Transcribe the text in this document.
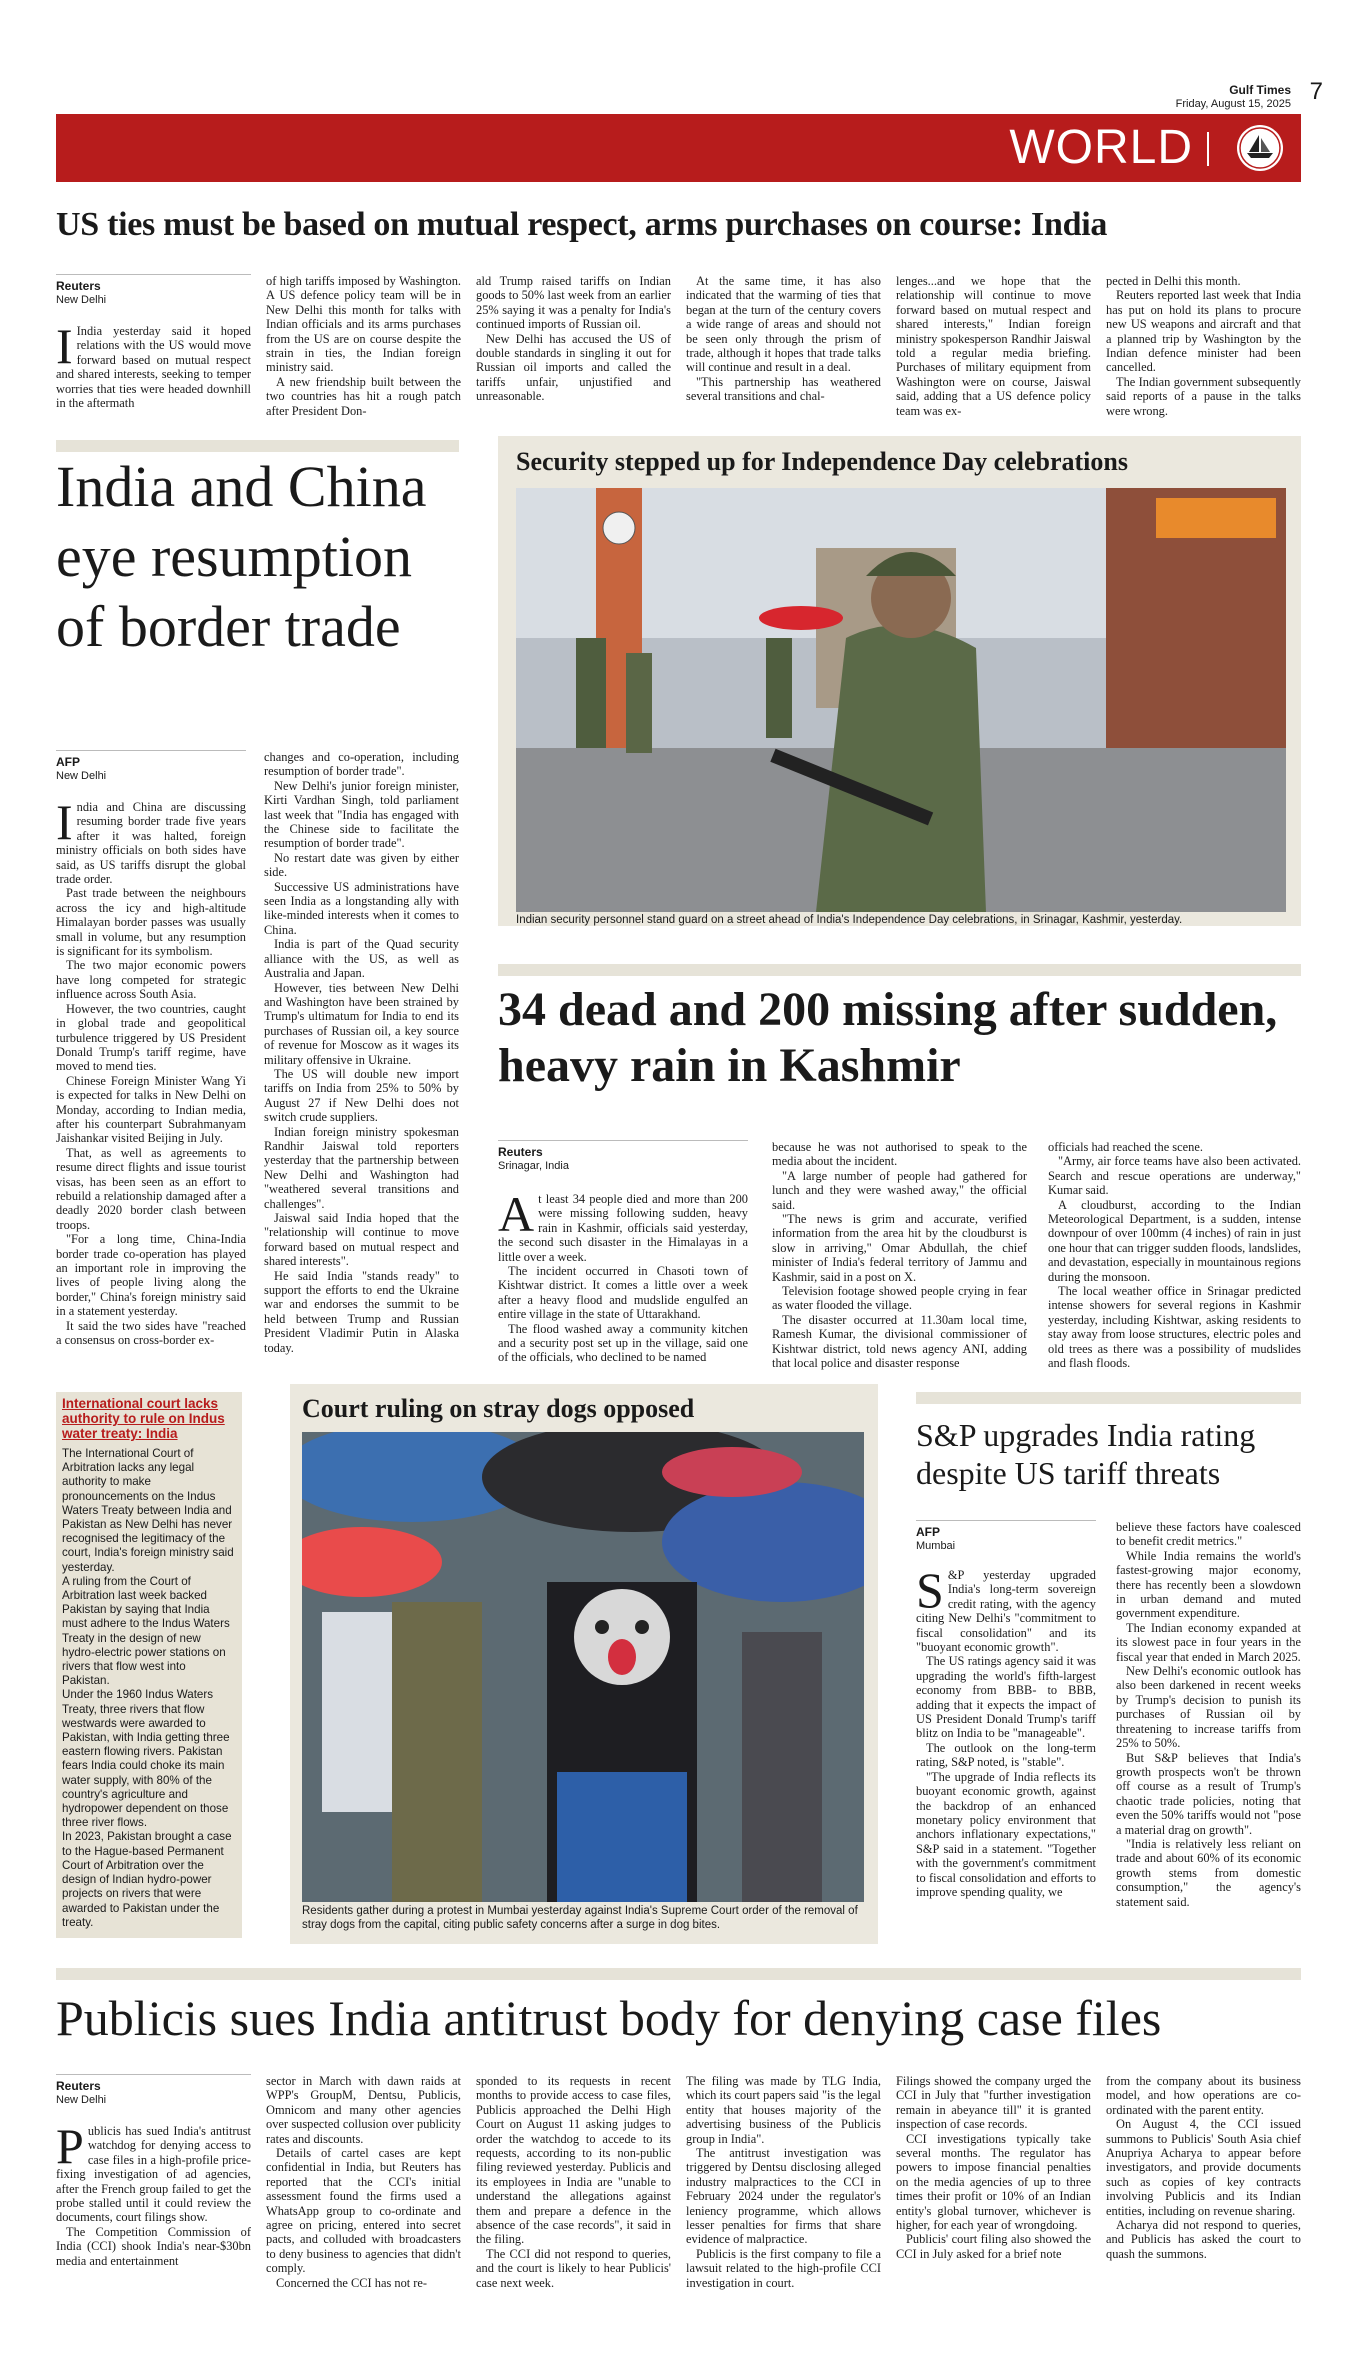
Gulf Times
Friday, August 15, 2025 7
WORLD
US ties must be based on mutual respect, arms purchases on course: India
Reuters
New Delhi

I India yesterday said it hoped relations with the US would move forward based on mutual respect and shared interests, seeking to temper worries that ties were headed downhill in the aftermath

of high tariffs imposed by Washington. A US defence policy team will be in New Delhi this month for talks with Indian officials and its arms purchases from the US are on course despite the strain in ties, the Indian foreign ministry said.

A new friendship built between the two countries has hit a rough patch after President Don-

ald Trump raised tariffs on Indian goods to 50% last week from an earlier 25% saying it was a penalty for India's continued imports of Russian oil.

New Delhi has accused the US of double standards in singling it out for Russian oil imports and called the tariffs unfair, unjustified and unreasonable.

At the same time, it has also indicated that the warming of ties that began at the turn of the century covers a wide range of areas and should not be seen only through the prism of trade, although it hopes that trade talks will continue and result in a deal.

"This partnership has weathered several transitions and chal-

lenges...and we hope that the relationship will continue to move forward based on mutual respect and shared interests," Indian foreign ministry spokesperson Randhir Jaiswal told a regular media briefing. Purchases of military equipment from Washington were on course, Jaiswal said, adding that a US defence policy team was ex-

pected in Delhi this month.

Reuters reported last week that India has put on hold its plans to procure new US weapons and aircraft and that a planned trip by Washington by the Indian defence minister had been cancelled.

The Indian government subsequently said reports of a pause in the talks were wrong.

India and China eye resumption of border trade
AFP
New Delhi

India and China are discussing resuming border trade five years after it was halted, foreign ministry officials on both sides have said, as US tariffs disrupt the global trade order.

Past trade between the neighbours across the icy and high-altitude Himalayan border passes was usually small in volume, but any resumption is significant for its symbolism.

The two major economic powers have long competed for strategic influence across South Asia.

However, the two countries, caught in global trade and geopolitical turbulence triggered by US President Donald Trump's tariff regime, have moved to mend ties.

Chinese Foreign Minister Wang Yi is expected for talks in New Delhi on Monday, according to Indian media, after his counterpart Subrahmanyam Jaishankar visited Beijing in July.

That, as well as agreements to resume direct flights and issue tourist visas, has been seen as an effort to rebuild a relationship damaged after a deadly 2020 border clash between troops.

"For a long time, China-India border trade co-operation has played an important role in improving the lives of people living along the border," China's foreign ministry said in a statement yesterday.

It said the two sides have "reached a consensus on cross-border ex-

changes and co-operation, including resumption of border trade".

New Delhi's junior foreign minister, Kirti Vardhan Singh, told parliament last week that "India has engaged with the Chinese side to facilitate the resumption of border trade".

No restart date was given by either side.

Successive US administrations have seen India as a longstanding ally with like-minded interests when it comes to China.

India is part of the Quad security alliance with the US, as well as Australia and Japan.

However, ties between New Delhi and Washington have been strained by Trump's ultimatum for India to end its purchases of Russian oil, a key source of revenue for Moscow as it wages its military offensive in Ukraine.

The US will double new import tariffs on India from 25% to 50% by August 27 if New Delhi does not switch crude suppliers.

Indian foreign ministry spokesman Randhir Jaiswal told reporters yesterday that the partnership between New Delhi and Washington had "weathered several transitions and challenges".

Jaiswal said India hoped that the "relationship will continue to move forward based on mutual respect and shared interests".

He said India "stands ready" to support the efforts to end the Ukraine war and endorses the summit to be held between Trump and Russian President Vladimir Putin in Alaska today.

Security stepped up for Independence Day celebrations
Indian security personnel stand guard on a street ahead of India's Independence Day celebrations, in Srinagar, Kashmir, yesterday.
34 dead and 200 missing after sudden, heavy rain in Kashmir
Reuters
Srinagar, India

At least 34 people died and more than 200 were missing following sudden, heavy rain in Kashmir, officials said yesterday, the second such disaster in the Himalayas in a little over a week.

The incident occurred in Chasoti town of Kishtwar district. It comes a little over a week after a heavy flood and mudslide engulfed an entire village in the state of Uttarakhand.

The flood washed away a community kitchen and a security post set up in the village, said one of the officials, who declined to be named

because he was not authorised to speak to the media about the incident.

"A large number of people had gathered for lunch and they were washed away," the official said.

"The news is grim and accurate, verified information from the area hit by the cloudburst is slow in arriving," Omar Abdullah, the chief minister of India's federal territory of Jammu and Kashmir, said in a post on X.

Television footage showed people crying in fear as water flooded the village.

The disaster occurred at 11.30am local time, Ramesh Kumar, the divisional commissioner of Kishtwar district, told news agency ANI, adding that local police and disaster response

officials had reached the scene.

"Army, air force teams have also been activated. Search and rescue operations are underway," Kumar said.

A cloudburst, according to the Indian Meteorological Department, is a sudden, intense downpour of over 100mm (4 inches) of rain in just one hour that can trigger sudden floods, landslides, and devastation, especially in mountainous regions during the monsoon.

The local weather office in Srinagar predicted intense showers for several regions in Kashmir yesterday, including Kishtwar, asking residents to stay away from loose structures, electric poles and old trees as there was a possibility of mudslides and flash floods.

International court lacks authority to rule on Indus water treaty: India

The International Court of Arbitration lacks any legal authority to make pronouncements on the Indus Waters Treaty between India and Pakistan as New Delhi has never recognised the legitimacy of the court, India's foreign ministry said yesterday.

A ruling from the Court of Arbitration last week backed Pakistan by saying that India must adhere to the Indus Waters Treaty in the design of new hydro-electric power stations on rivers that flow west into Pakistan.

Under the 1960 Indus Waters Treaty, three rivers that flow westwards were awarded to Pakistan, with India getting three eastern flowing rivers. Pakistan fears India could choke its main water supply, with 80% of the country's agriculture and hydropower dependent on those three river flows.

In 2023, Pakistan brought a case to the Hague-based Permanent Court of Arbitration over the design of Indian hydro-power projects on rivers that were awarded to Pakistan under the treaty.

Court ruling on stray dogs opposed
Residents gather during a protest in Mumbai yesterday against India's Supreme Court order of the removal of stray dogs from the capital, citing public safety concerns after a surge in dog bites.
S&P upgrades India rating despite US tariff threats
AFP
Mumbai

S &P yesterday upgraded India's long-term sovereign credit rating, with the agency citing New Delhi's "commitment to fiscal consolidation" and its "buoyant economic growth".

The US ratings agency said it was upgrading the world's fifth-largest economy from BBB- to BBB, adding that it expects the impact of US President Donald Trump's tariff blitz on India to be "manageable".

The outlook on the long-term rating, S&P noted, is "stable".

"The upgrade of India reflects its buoyant economic growth, against the backdrop of an enhanced monetary policy environment that anchors inflationary expectations," S&P said in a statement. "Together with the government's commitment to fiscal consolidation and efforts to improve spending quality, we

believe these factors have coalesced to benefit credit metrics."

While India remains the world's fastest-growing major economy, there has recently been a slowdown in urban demand and muted government expenditure.

The Indian economy expanded at its slowest pace in four years in the fiscal year that ended in March 2025.

New Delhi's economic outlook has also been darkened in recent weeks by Trump's decision to punish its purchases of Russian oil by threatening to increase tariffs from 25% to 50%.

But S&P believes that India's growth prospects won't be thrown off course as a result of Trump's chaotic trade policies, noting that even the 50% tariffs would not "pose a material drag on growth".

"India is relatively less reliant on trade and about 60% of its economic growth stems from domestic consumption," the agency's statement said.

Publicis sues India antitrust body for denying case files
Reuters
New Delhi

Publicis has sued India's antitrust watchdog for denying access to case files in a high-profile price-fixing investigation of ad agencies, after the French group failed to get the probe stalled until it could review the documents, court filings show.

The Competition Commission of India (CCI) shook India's near-$30bn media and entertainment

sector in March with dawn raids at WPP's GroupM, Dentsu, Publicis, Omnicom and many other agencies over suspected collusion over publicity rates and discounts.

Details of cartel cases are kept confidential in India, but Reuters has reported that the CCI's initial assessment found the firms used a WhatsApp group to co-ordinate and agree on pricing, entered into secret pacts, and colluded with broadcasters to deny business to agencies that didn't comply.

Concerned the CCI has not re-

sponded to its requests in recent months to provide access to case files, Publicis approached the Delhi High Court on August 11 asking judges to order the watchdog to accede to its requests, according to its non-public filing reviewed yesterday. Publicis and its employees in India are "unable to understand the allegations against them and prepare a defence in the absence of the case records", it said in the filing.

The CCI did not respond to queries, and the court is likely to hear Publicis' case next week.

The filing was made by TLG India, which its court papers said "is the legal entity that houses majority of the advertising business of the Publicis group in India".

The antitrust investigation was triggered by Dentsu disclosing alleged industry malpractices to the CCI in February 2024 under the regulator's leniency programme, which allows lesser penalties for firms that share evidence of malpractice.

Publicis is the first company to file a lawsuit related to the high-profile CCI investigation in court.

Filings showed the company urged the CCI in July that "further investigation remain in abeyance till" it is granted inspection of case records.

CCI investigations typically take several months. The regulator has powers to impose financial penalties on the media agencies of up to three times their profit or 10% of an Indian entity's global turnover, whichever is higher, for each year of wrongdoing.

Publicis' court filing also showed the CCI in July asked for a brief note

from the company about its business model, and how operations are co-ordinated with the parent entity.

On August 4, the CCI issued summons to Publicis' South Asia chief Anupriya Acharya to appear before investigators, and provide documents such as copies of key contracts involving Publicis and its Indian entities, including on revenue sharing.

Acharya did not respond to queries, and Publicis has asked the court to quash the summons.
